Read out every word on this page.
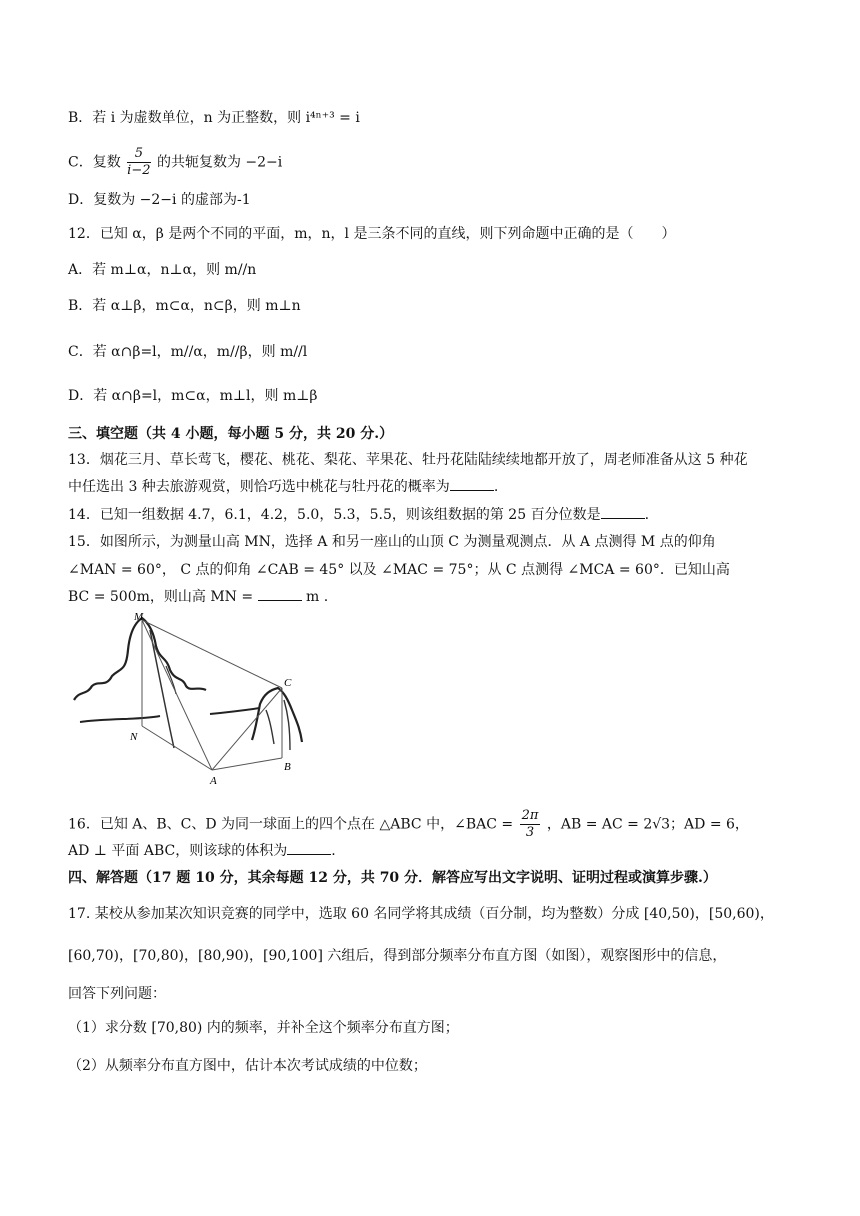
B．若 i 为虚数单位，n 为正整数，则 i⁴ⁿ⁺³ = i
C．复数 $\frac{5}{i-2}$ 的共轭复数为 −2−i
D．复数为 −2−i 的虚部为-1
12．已知 α，β 是两个不同的平面，m，n，l 是三条不同的直线，则下列命题中正确的是（　　）
A．若 m⊥α，n⊥α，则 m//n
B．若 α⊥β，m⊂α，n⊂β，则 m⊥n
C．若 α∩β=l，m//α，m//β，则 m//l
D．若 α∩β=l，m⊂α，m⊥l，则 m⊥β
三、填空题（共 4 小题，每小题 5 分，共 20 分.）
13．烟花三月、草长莺飞，樱花、桃花、梨花、苹果花、牡丹花陆陆续续地都开放了，周老师准备从这 5 种花
中任选出 3 种去旅游观赏，则恰巧选中桃花与牡丹花的概率为	.
14．已知一组数据 4.7，6.1，4.2，5.0，5.3，5.5，则该组数据的第 25 百分位数是	.
15．如图所示，为测量山高 MN，选择 A 和另一座山的山顶 C 为测量观测点．从 A 点测得 M 点的仰角
∠MAN = 60°， C 点的仰角 ∠CAB = 45° 以及 ∠MAC = 75°；从 C 点测得 ∠MCA = 60°．已知山高
BC = 500m，则山高 MN =	m .
M
N
A
B
C
16．已知 A、B、C、D 为同一球面上的四个点在 △ABC 中，∠BAC = $\frac{2\pi}{3}$ ，AB = AC = 2√3；AD = 6，
AD ⊥ 平面 ABC，则该球的体积为	.
四、解答题（17 题 10 分，其余每题 12 分，共 70 分．解答应写出文字说明、证明过程或演算步骤.）
17. 某校从参加某次知识竞赛的同学中，选取 60 名同学将其成绩（百分制，均为整数）分成 [40,50)，[50,60)，
[60,70)，[70,80)，[80,90)，[90,100] 六组后，得到部分频率分布直方图（如图），观察图形中的信息，
回答下列问题：
（1）求分数 [70,80) 内的频率，并补全这个频率分布直方图；
（2）从频率分布直方图中，估计本次考试成绩的中位数；
